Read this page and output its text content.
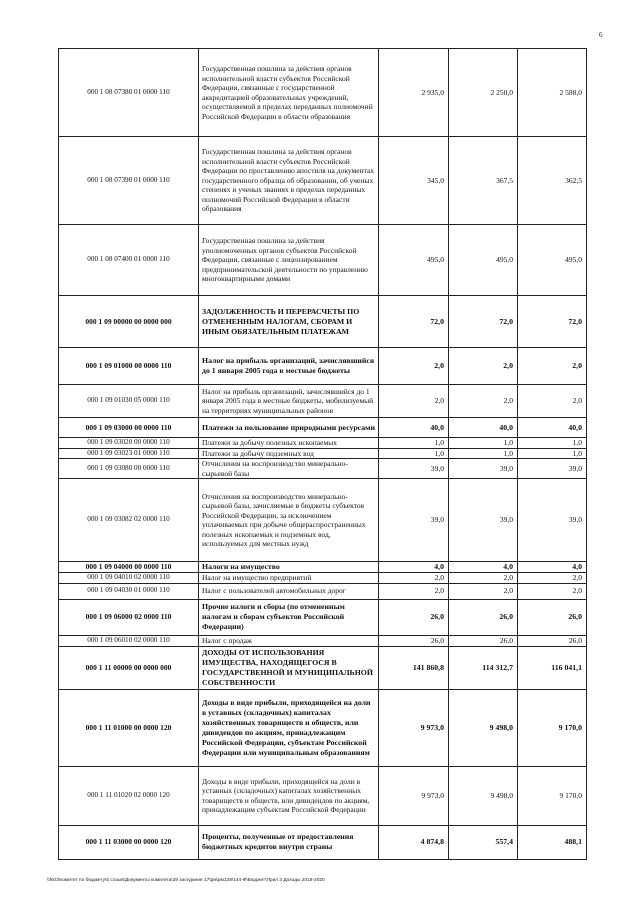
6
000 1 08 07380 01 0000 110	Государственная пошлина за действия органов исполнительной власти субъектов Российской Федерации, связанные с государственной аккредитацией образовательных учреждений, осуществляемой в пределах переданных полномочий Российской Федерации в области образования	2 935,0	2 250,0	2 588,0
000 1 08 07390 01 0000 110	Государственная пошлина за действия органов исполнительной власти субъектов Российской Федерации по проставлению апостиля на документах государственного образца об образовании, об ученых степенях и ученых званиях в пределах переданных полномочий Российской Федерации в области образования	345,0	367,5	362,5
000 1 08 07400 01 0000 110	Государственная пошлина за действия уполномоченных органов субъектов Российской Федерации, связанные с лицензированием предпринимательской деятельности по управлению многоквартирными домами	495,0	495,0	495,0
000 1 09 00000 00 0000 000	ЗАДОЛЖЕННОСТЬ И ПЕРЕРАСЧЕТЫ ПО ОТМЕНЕННЫМ НАЛОГАМ, СБОРАМ И ИНЫМ ОБЯЗАТЕЛЬНЫМ ПЛАТЕЖАМ	72,0	72,0	72,0
000 1 09 01000 00 0000 110	Налог на прибыль организаций, зачислявшийся до 1 января 2005 года в местные бюджеты	2,0	2,0	2,0
000 1 09 01030 05 0000 110	Налог на прибыль организаций, зачислявшийся до 1 января 2005 года в местные бюджеты, мобилизуемый на территориях муниципальных районов	2,0	2,0	2,0
000 1 09 03000 00 0000 110	Платежи за пользование природными ресурсами	40,0	40,0	40,0
000 1 09 03020 00 0000 110	Платежи за добычу полезных ископаемых	1,0	1,0	1,0
000 1 09 03023 01 0000 110	Платежи за добычу подземных вод	1,0	1,0	1,0
000 1 09 03080 00 0000 110	Отчисления на воспроизводство минерально-сырьевой базы	39,0	39,0	39,0
000 1 09 03082 02 0000 110	Отчисления на воспроизводство минерально-сырьевой базы, зачисляемые в бюджеты субъектов Российской Федерации, за исключением уплачиваемых при добыче общераспространенных полезных ископаемых и подземных вод, используемых для местных нужд	39,0	39,0	39,0
000 1 09 04000 00 0000 110	Налоги на имущество	4,0	4,0	4,0
000 1 09 04010 02 0000 110	Налог на имущество предприятий	2,0	2,0	2,0
000 1 09 04030 01 0000 110	Налог с пользователей автомобильных дорог	2,0	2,0	2,0
000 1 09 06000 02 0000 110	Прочие налоги и сборы (по отмененным налогам и сборам субъектов Российской Федерации)	26,0	26,0	26,0
000 1 09 06010 02 0000 110	Налог с продаж	26,0	26,0	26,0
000 1 11 00000 00 0000 000	ДОХОДЫ ОТ ИСПОЛЬЗОВАНИЯ ИМУЩЕСТВА, НАХОДЯЩЕГОСЯ В ГОСУДАРСТВЕННОЙ И МУНИЦИПАЛЬНОЙ СОБСТВЕННОСТИ	141 860,8	114 312,7	116 041,1
000 1 11 01000 00 0000 120	Доходы в виде прибыли, приходящейся на доли в уставных (складочных) капиталах хозяйственных товариществ и обществ, или дивидендов по акциям, принадлежащим Российской Федерации, субъектам Российской Федерации или муниципальным образованиям	9 973,0	9 498,0	9 170,0
000 1 11 01020 02 0000 120	Доходы в виде прибыли, приходящейся на доли в уставных (складочных) капиталах хозяйственных товариществ и обществ, или дивидендов по акциям, принадлежащим субъектам Российской Федерации	9 973,0	9 498,0	9 170,0
000 1 11 03000 00 0000 120	Проценты, полученные от предоставления бюджетных кредитов внутри страны	4 874,8	557,4	488,1
\\fs03\комитет по бюджету\6 созыв\Документы комитета\29 заседание 17\рм\рм128\144-Ф\Бюджет\Прил 3 Доходы 2018-2020
